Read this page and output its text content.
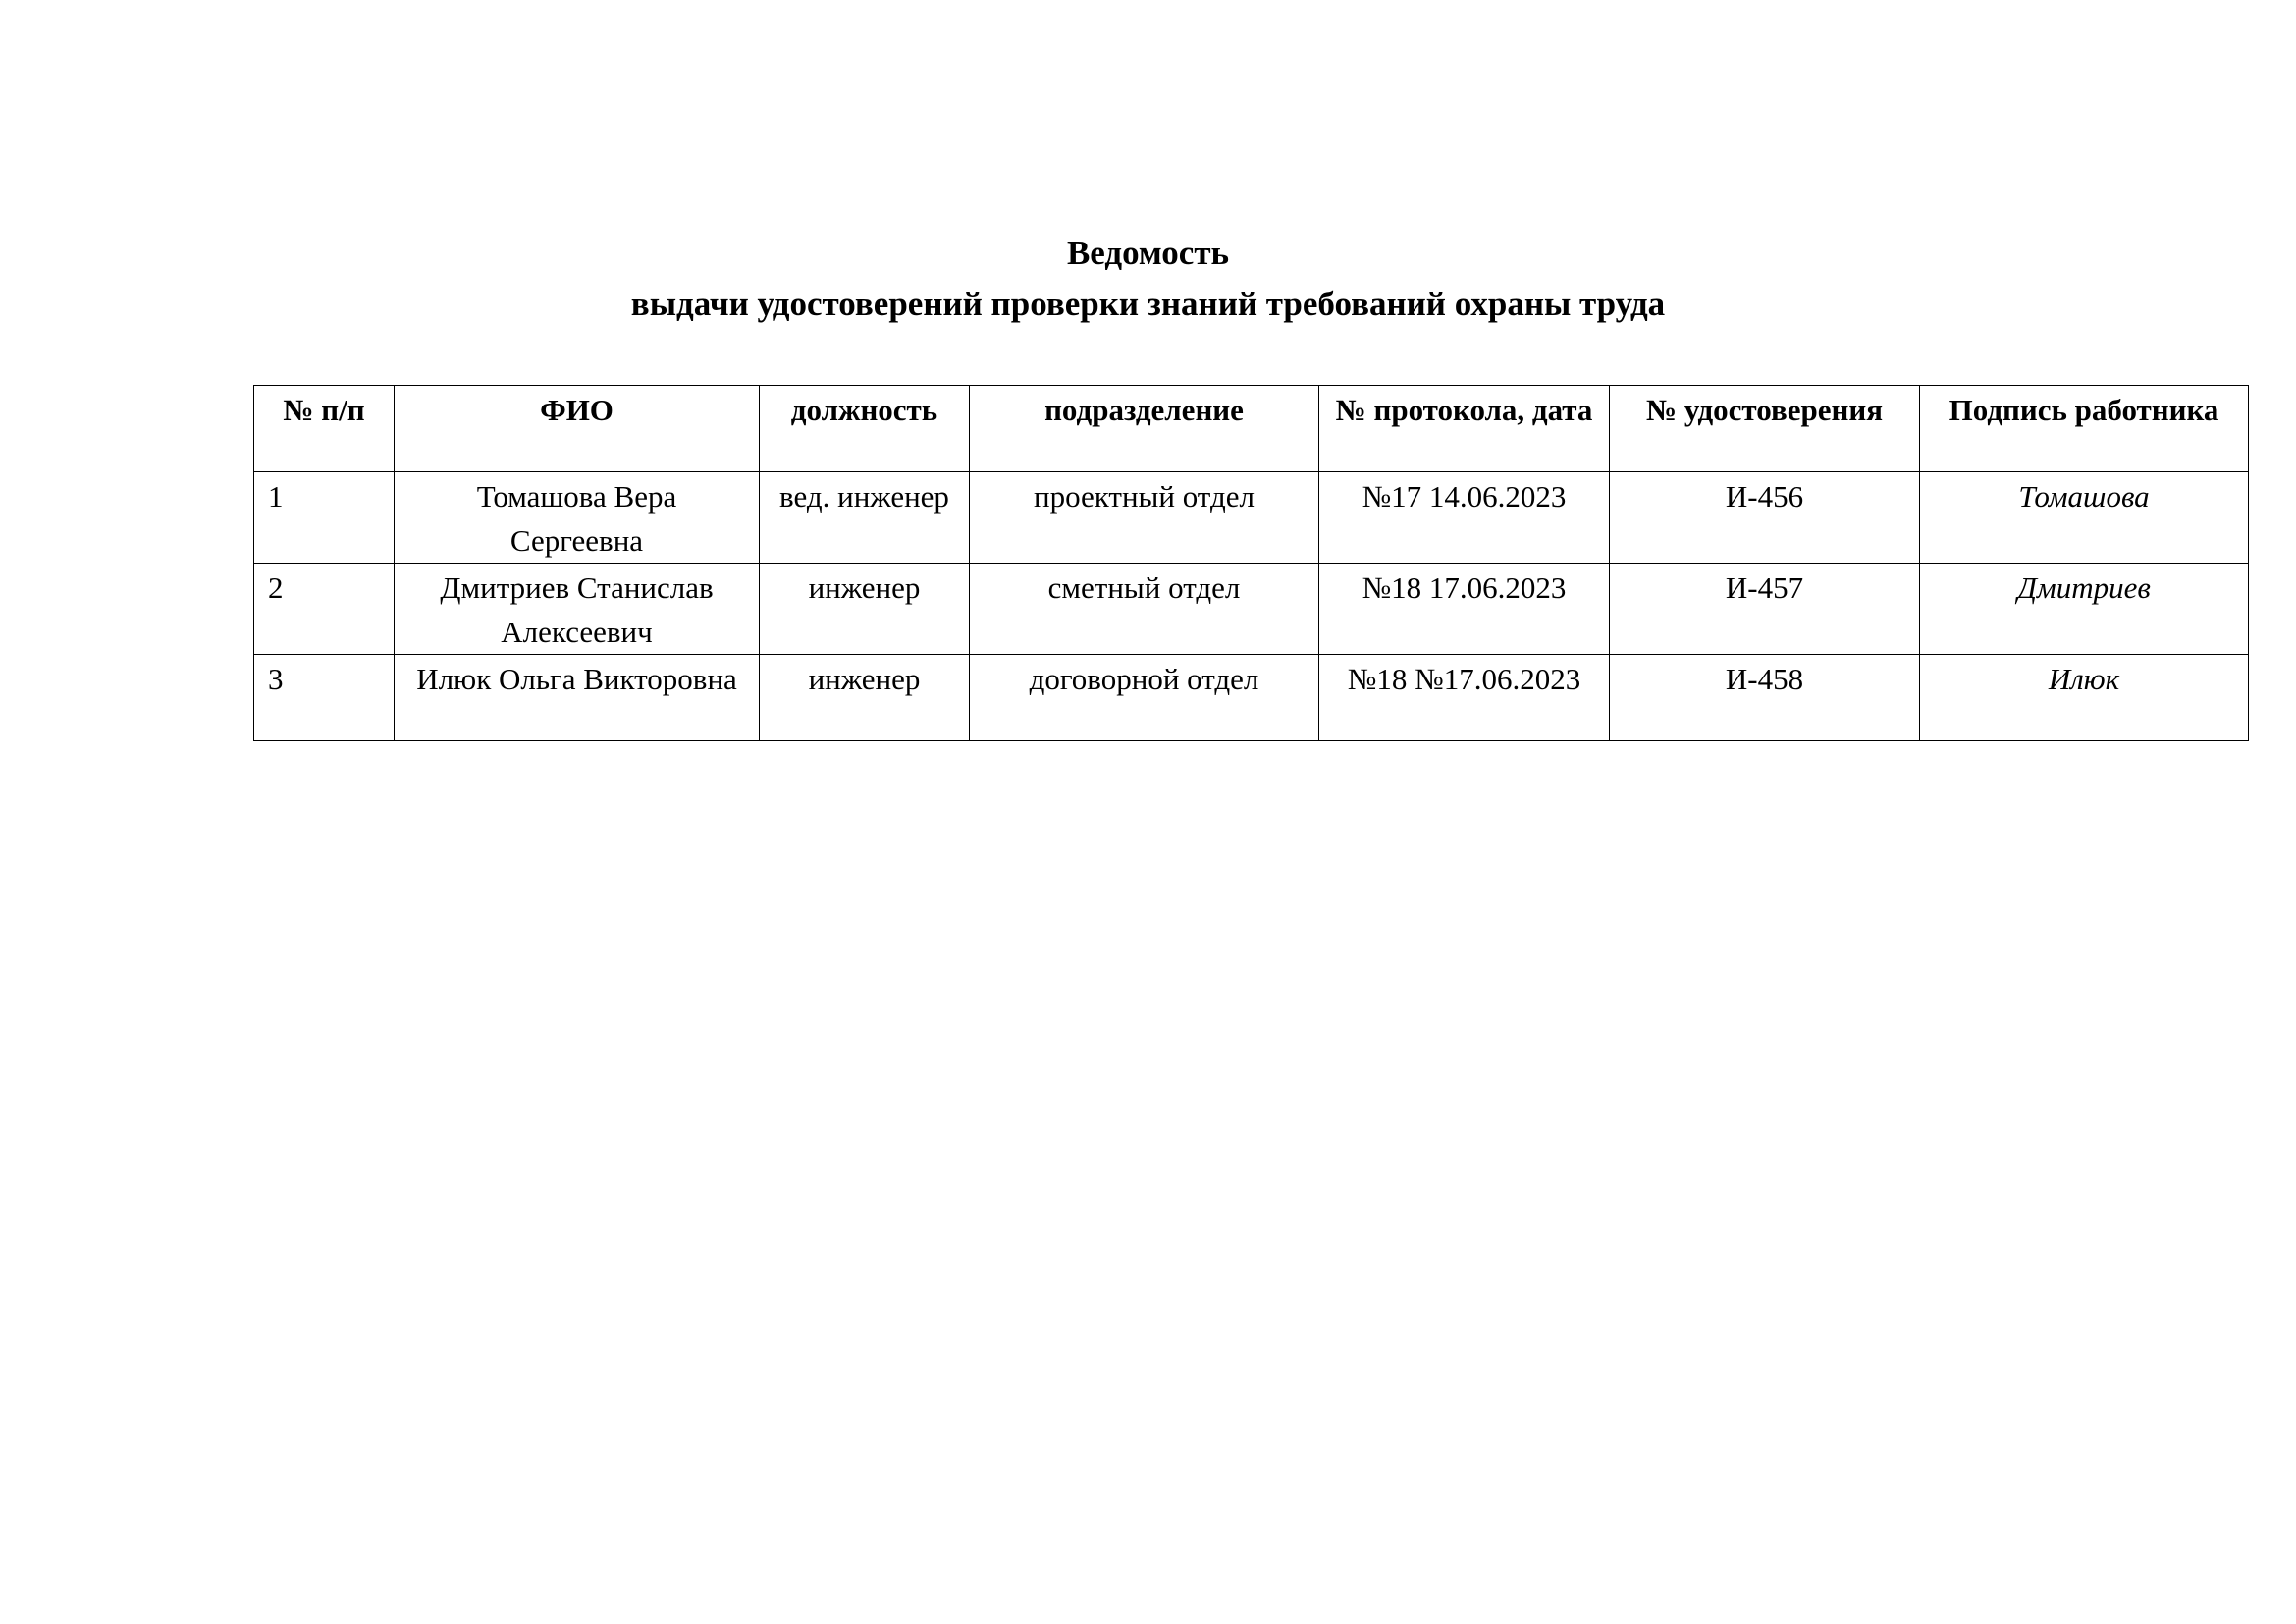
Ведомость
выдачи удостоверений проверки знаний требований охраны труда
№ п/п	ФИО	должность	подразделение	№ протокола, дата	№ удостоверения	Подпись работника
1	Томашова Вера Сергеевна	вед. инженер	проектный отдел	№17 14.06.2023	И-456	Томашова
2	Дмитриев Станислав Алексеевич	инженер	сметный отдел	№18 17.06.2023	И-457	Дмитриев
3	Илюк Ольга Викторовна	инженер	договорной отдел	№18 №17.06.2023	И-458	Илюк
